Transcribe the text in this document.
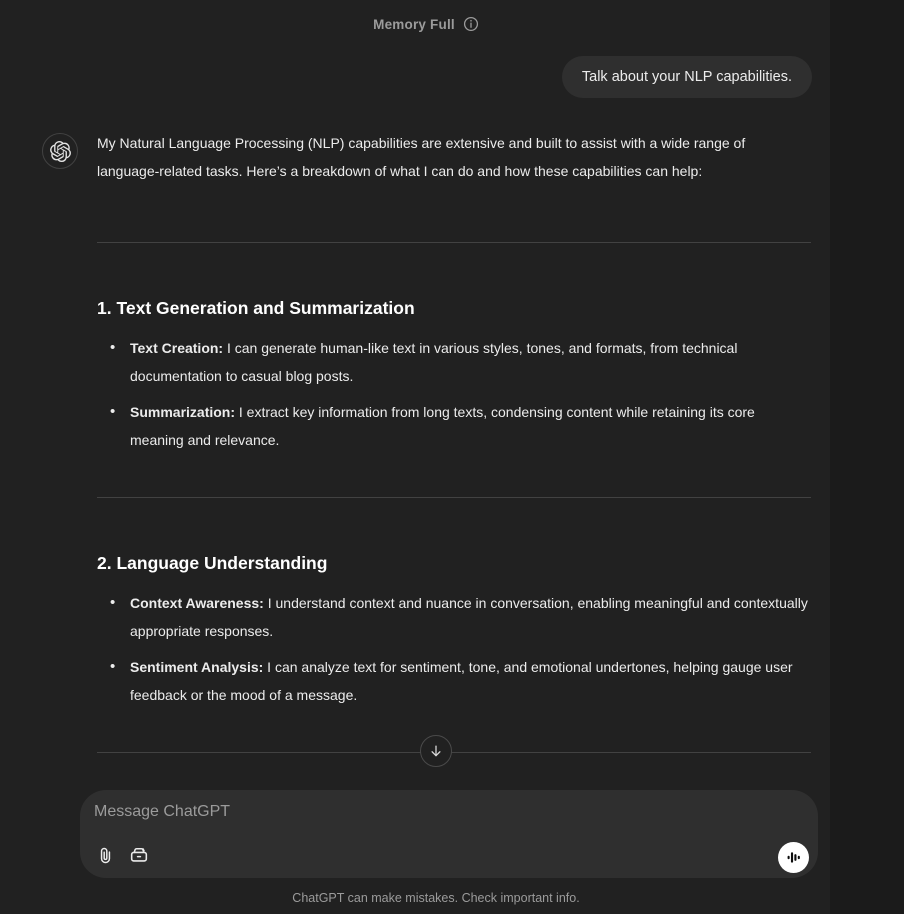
Memory Full
Talk about your NLP capabilities.

My Natural Language Processing (NLP) capabilities are extensive and built to assist with a wide range of language-related tasks. Here’s a breakdown of what I can do and how these capabilities can help:

1. Text Generation and Summarization
• Text Creation: I can generate human-like text in various styles, tones, and formats, from technical documentation to casual blog posts.
• Summarization: I extract key information from long texts, condensing content while retaining its core meaning and relevance.
2. Language Understanding
• Context Awareness: I understand context and nuance in conversation, enabling meaningful and contextually appropriate responses.
• Sentiment Analysis: I can analyze text for sentiment, tone, and emotional undertones, helping gauge user feedback or the mood of a message.
Message ChatGPT
ChatGPT can make mistakes. Check important info.
